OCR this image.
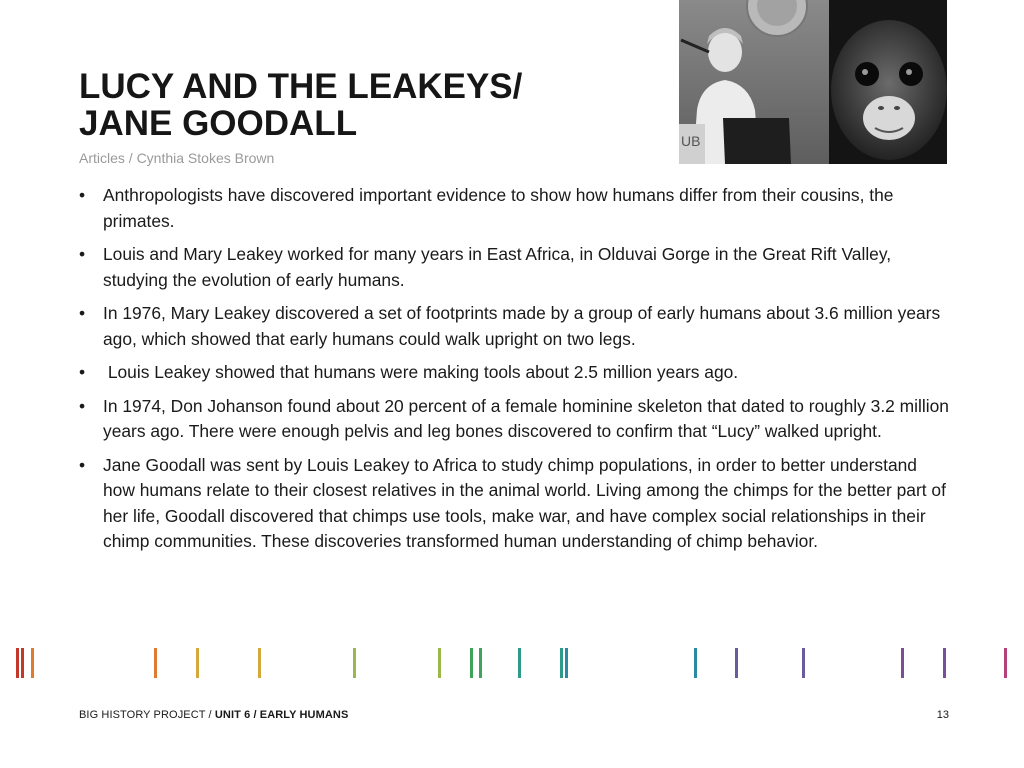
UB
LUCY AND THE LEAKEYS/
JANE GOODALL
Articles / Cynthia Stokes Brown
•	Anthropologists have discovered important evidence to show how humans differ from their cousins, the primates.
•	Louis and Mary Leakey worked for many years in East Africa, in Olduvai Gorge in the Great Rift Valley, studying the evolution of early humans.
•	In 1976, Mary Leakey discovered a set of footprints made by a group of early humans about 3.6 million years ago, which showed that early humans could walk upright on two legs.
•	Louis Leakey showed that humans were making tools about 2.5 million years ago.
•	In 1974, Don Johanson found about 20 percent of a female hominine skeleton that dated to roughly 3.2 million years ago. There were enough pelvis and leg bones discovered to confirm that “Lucy” walked upright.
•	Jane Goodall was sent by Louis Leakey to Africa to study chimp populations, in order to better understand how humans relate to their closest relatives in the animal world. Living among the chimps for the better part of her life, Goodall discovered that chimps use tools, make war, and have complex social relationships in their chimp communities. These discoveries transformed human understanding of chimp behavior.
BIG HISTORY PROJECT / UNIT 6 / EARLY HUMANS	13
